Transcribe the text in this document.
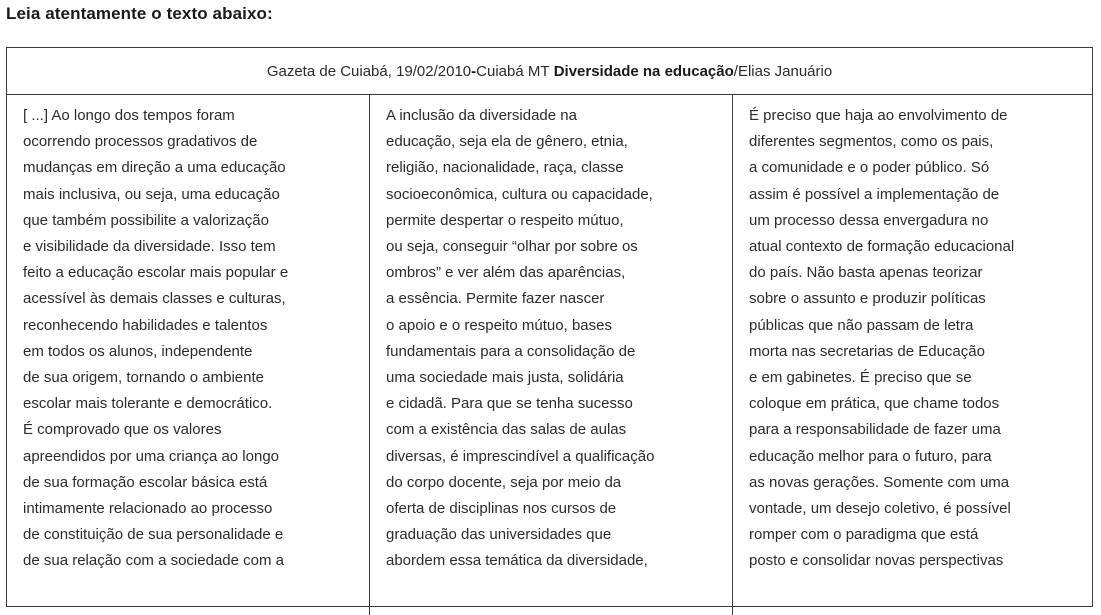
Leia atentamente o texto abaixo:
Gazeta de Cuiabá, 19/02/2010 - Cuiabá MT
Diversidade na educação / Elias Januário
[ ...] Ao longo dos tempos foram
ocorrendo processos gradativos de
mudanças em direção a uma educação
mais inclusiva, ou seja, uma educação
que também possibilite a valorização
e visibilidade da diversidade. Isso tem
feito a educação escolar mais popular e
acessível às demais classes e culturas,
reconhecendo habilidades e talentos
em todos os alunos, independente
de sua origem, tornando o ambiente
escolar mais tolerante e democrático.
É comprovado que os valores
apreendidos por uma criança ao longo
de sua formação escolar básica está
intimamente relacionado ao processo
de constituição de sua personalidade e
de sua relação com a sociedade com a
A inclusão da diversidade na
educação, seja ela de gênero, etnia,
religião, nacionalidade, raça, classe
socioeconômica, cultura ou capacidade,
permite despertar o respeito mútuo,
ou seja, conseguir “olhar por sobre os
ombros” e ver além das aparências,
a essência. Permite fazer nascer
o apoio e o respeito mútuo, bases
fundamentais para a consolidação de
uma sociedade mais justa, solidária
e cidadã. Para que se tenha sucesso
com a existência das salas de aulas
diversas, é imprescindível a qualificação
do corpo docente, seja por meio da
oferta de disciplinas nos cursos de
graduação das universidades que
abordem essa temática da diversidade,
É preciso que haja ao envolvimento de
diferentes segmentos, como os pais,
a comunidade e o poder público. Só
assim é possível a implementação de
um processo dessa envergadura no
atual contexto de formação educacional
do país. Não basta apenas teorizar
sobre o assunto e produzir políticas
públicas que não passam de letra
morta nas secretarias de Educação
e em gabinetes. É preciso que se
coloque em prática, que chame todos
para a responsabilidade de fazer uma
educação melhor para o futuro, para
as novas gerações. Somente com uma
vontade, um desejo coletivo, é possível
romper com o paradigma que está
posto e consolidar novas perspectivas
